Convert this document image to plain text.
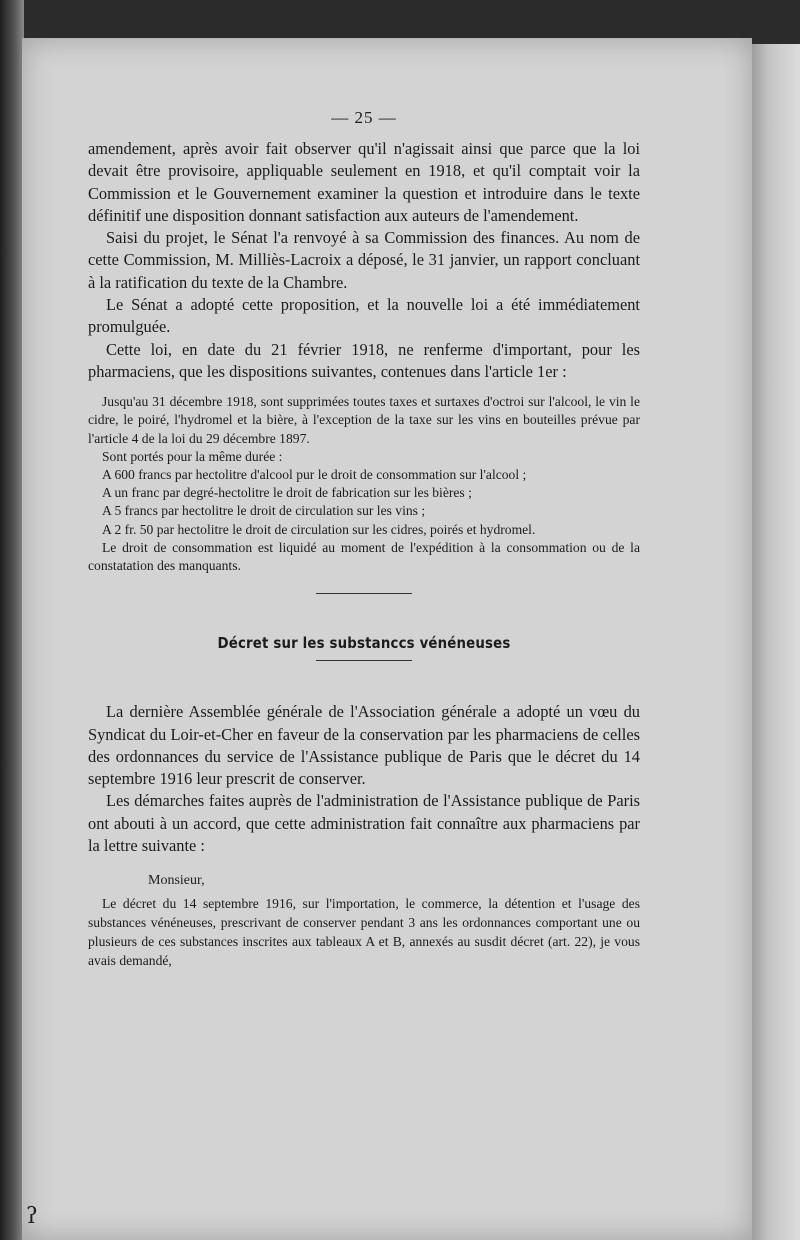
— 25 —

amendement, après avoir fait observer qu'il n'agissait ainsi que parce que la loi devait être provisoire, appliquable seulement en 1918, et qu'il comptait voir la Commission et le Gouvernement examiner la question et introduire dans le texte définitif une disposition donnant satisfaction aux auteurs de l'amendement.

Saisi du projet, le Sénat l'a renvoyé à sa Commission des finances. Au nom de cette Commission, M. Milliès-Lacroix a déposé, le 31 janvier, un rapport concluant à la ratification du texte de la Chambre.

Le Sénat a adopté cette proposition, et la nouvelle loi a été immédiatement promulguée.

Cette loi, en date du 21 février 1918, ne renferme d'important, pour les pharmaciens, que les dispositions suivantes, contenues dans l'article 1er :

Jusqu'au 31 décembre 1918, sont supprimées toutes taxes et surtaxes d'octroi sur l'alcool, le vin le cidre, le poiré, l'hydromel et la bière, à l'exception de la taxe sur les vins en bouteilles prévue par l'article 4 de la loi du 29 décembre 1897.

Sont portés pour la même durée :

A 600 francs par hectolitre d'alcool pur le droit de consommation sur l'alcool ;

A un franc par degré-hectolitre le droit de fabrication sur les bières ;

A 5 francs par hectolitre le droit de circulation sur les vins ;

A 2 fr. 50 par hectolitre le droit de circulation sur les cidres, poirés et hydromel.

Le droit de consommation est liquidé au moment de l'expédition à la consommation ou de la constatation des manquants.

Décret sur les substanccs vénéneuses

La dernière Assemblée générale de l'Association générale a adopté un vœu du Syndicat du Loir-et-Cher en faveur de la conservation par les pharmaciens de celles des ordonnances du service de l'Assistance publique de Paris que le décret du 14 septembre 1916 leur prescrit de conserver.

Les démarches faites auprès de l'administration de l'Assistance publique de Paris ont abouti à un accord, que cette administration fait connaître aux pharmaciens par la lettre suivante :

Monsieur,

Le décret du 14 septembre 1916, sur l'importation, le commerce, la détention et l'usage des substances vénéneuses, prescrivant de conserver pendant 3 ans les ordonnances comportant une ou plusieurs de ces substances inscrites aux tableaux A et B, annexés au susdit décret (art. 22), je vous avais demandé,

ʔ
